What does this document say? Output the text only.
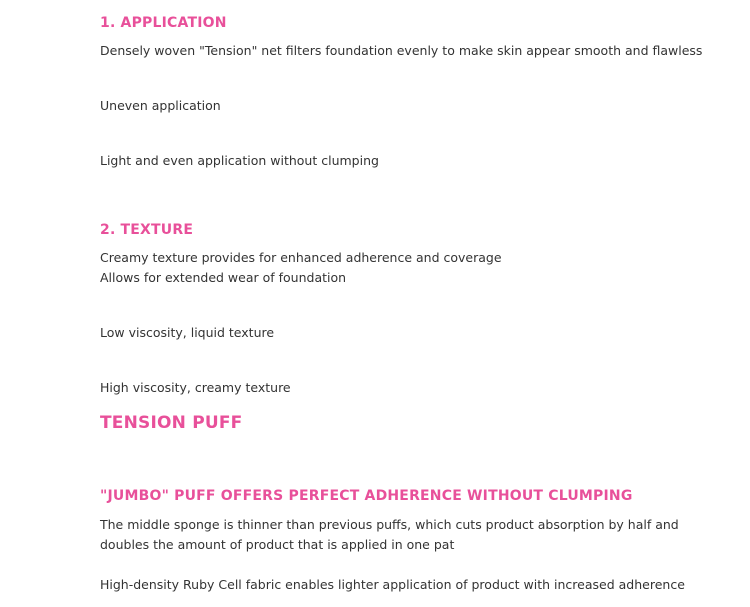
1. APPLICATION
Densely woven "Tension" net filters foundation evenly to make skin appear smooth and flawless
Uneven application
Light and even application without clumping
2. TEXTURE
Creamy texture provides for enhanced adherence and coverage
Allows for extended wear of foundation
Low viscosity, liquid texture
High viscosity, creamy texture
TENSION PUFF
"JUMBO" PUFF OFFERS PERFECT ADHERENCE WITHOUT CLUMPING
The middle sponge is thinner than previous puffs, which cuts product absorption by half and
doubles the amount of product that is applied in one pat
High-density Ruby Cell fabric enables lighter application of product with increased adherence
